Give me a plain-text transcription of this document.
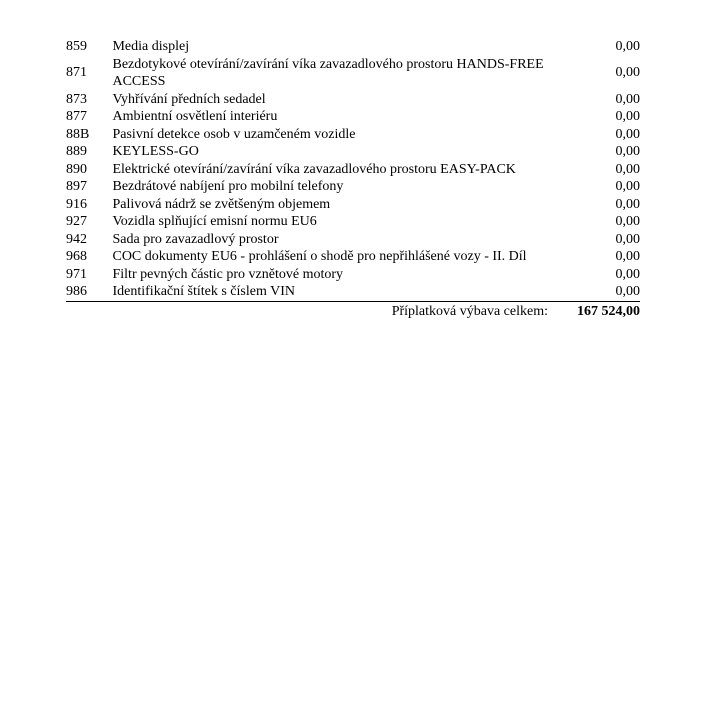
859	Media displej	0,00
871	Bezdotykové otevírání/zavírání víka zavazadlového prostoru HANDS-FREE ACCESS	0,00
873	Vyhřívání předních sedadel	0,00
877	Ambientní osvětlení interiéru	0,00
88B	Pasivní detekce osob v uzamčeném vozidle	0,00
889	KEYLESS-GO	0,00
890	Elektrické otevírání/zavírání víka zavazadlového prostoru EASY-PACK	0,00
897	Bezdrátové nabíjení pro mobilní telefony	0,00
916	Palivová nádrž se zvětšeným objemem	0,00
927	Vozidla splňující emisní normu EU6	0,00
942	Sada pro zavazadlový prostor	0,00
968	COC dokumenty EU6 - prohlášení o shodě pro nepřihlášené vozy - II. Díl	0,00
971	Filtr pevných částic pro vznětové motory	0,00
986	Identifikační štítek s číslem VIN	0,00
Příplatková výbava celkem:	167 524,00
